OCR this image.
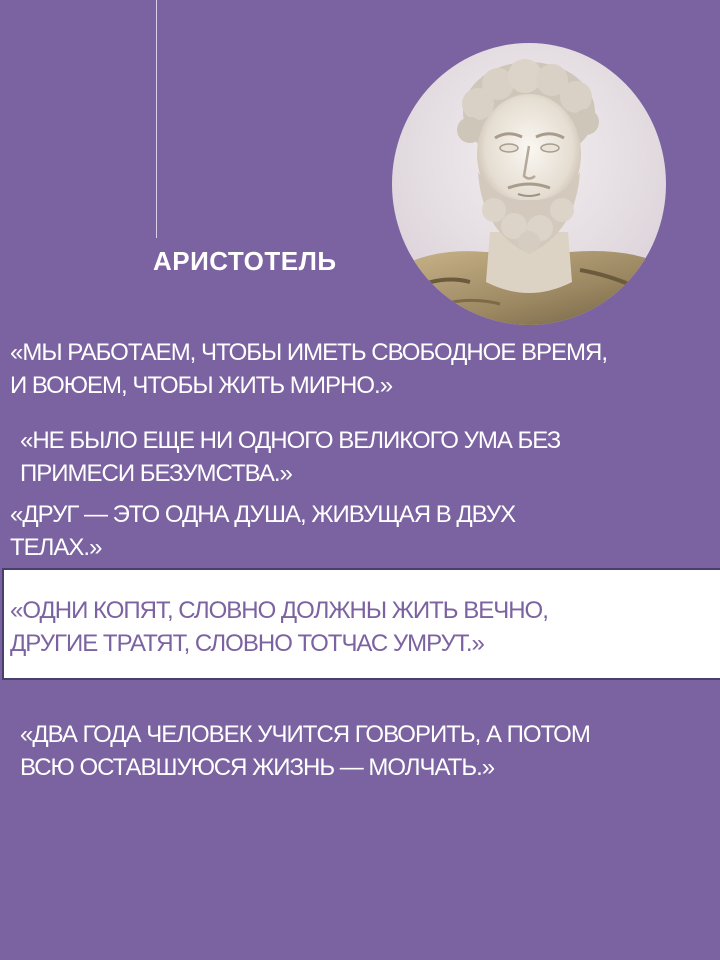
АРИСТОТЕЛЬ
«МЫ РАБОТАЕМ, ЧТОБЫ ИМЕТЬ СВОБОДНОЕ ВРЕМЯ,
И ВОЮЕМ, ЧТОБЫ ЖИТЬ МИРНО.»
«НЕ БЫЛО ЕЩЕ НИ ОДНОГО ВЕЛИКОГО УМА БЕЗ
ПРИМЕСИ БЕЗУМСТВА.»
«ДРУГ — ЭТО ОДНА ДУША, ЖИВУЩАЯ В ДВУХ
ТЕЛАХ.»
«ОДНИ КОПЯТ, СЛОВНО ДОЛЖНЫ ЖИТЬ ВЕЧНО,
ДРУГИЕ ТРАТЯТ, СЛОВНО ТОТЧАС УМРУТ.»
«ДВА ГОДА ЧЕЛОВЕК УЧИТСЯ ГОВОРИТЬ, А ПОТОМ
ВСЮ ОСТАВШУЮСЯ ЖИЗНЬ — МОЛЧАТЬ.»
